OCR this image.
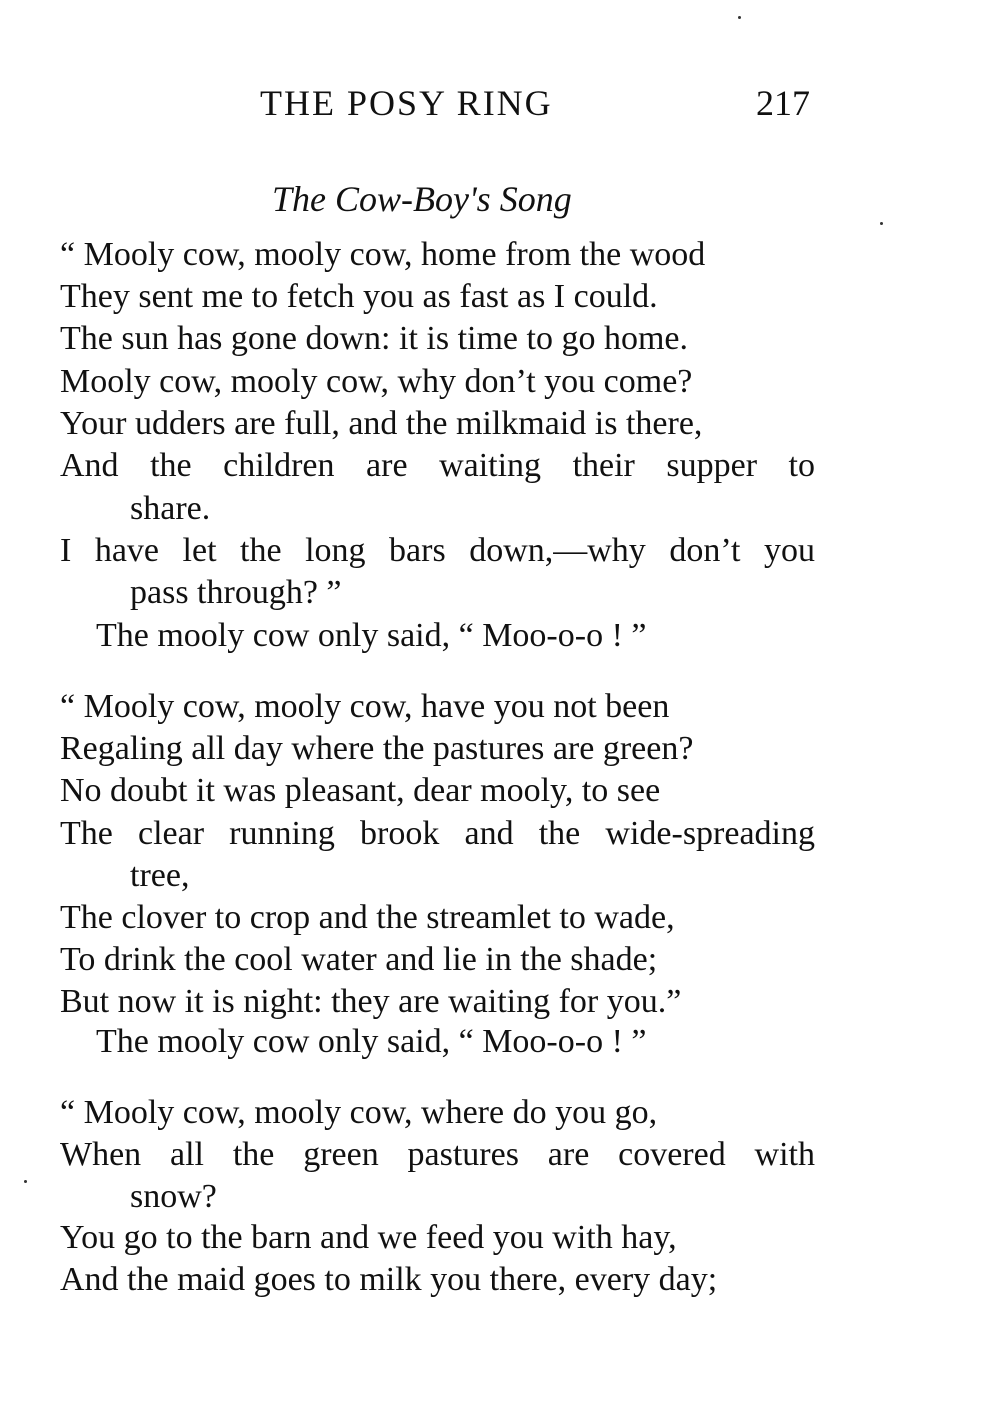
THE POSY RING	217
The Cow-Boy's Song
“ Mooly cow, mooly cow, home from the wood
They sent me to fetch you as fast as I could.
The sun has gone down: it is time to go home.
Mooly cow, mooly cow, why don’t you come?
Your udders are full, and the milkmaid is there,
And the children are waiting their supper to
share.
I have let the long bars down,—why don’t you
pass through? ”
The mooly cow only said, “ Moo-o-o ! ”
“ Mooly cow, mooly cow, have you not been
Regaling all day where the pastures are green?
No doubt it was pleasant, dear mooly, to see
The clear running brook and the wide-spreading
tree,
The clover to crop and the streamlet to wade,
To drink the cool water and lie in the shade;
But now it is night: they are waiting for you.”
The mooly cow only said, “ Moo-o-o ! ”
“ Mooly cow, mooly cow, where do you go,
When all the green pastures are covered with
snow?
You go to the barn and we feed you with hay,
And the maid goes to milk you there, every day;
